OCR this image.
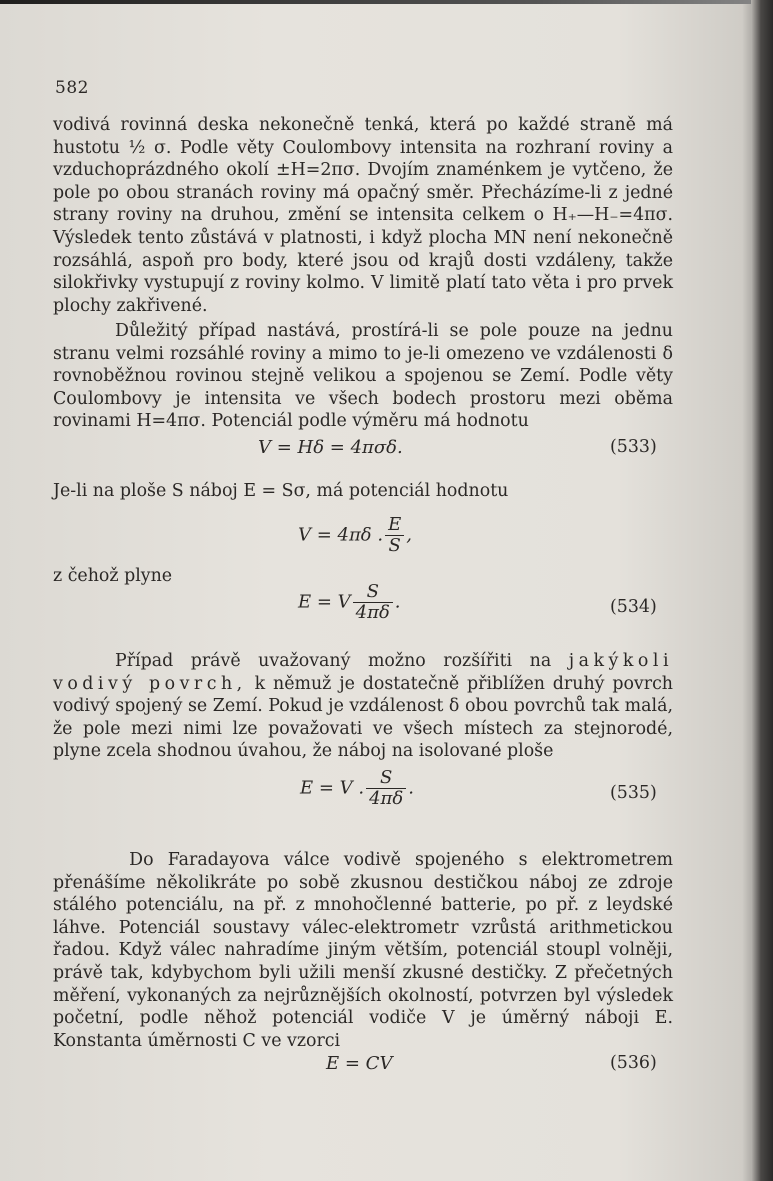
582
vodivá rovinná deska nekonečně tenká, která po každé straně má hustotu ½ σ. Podle věty Coulombovy intensita na rozhraní roviny a vzduchoprázdného okolí ±H=2πσ. Dvojím znaménkem je vytčeno, že pole po obou stranách roviny má opačný směr. Přecházíme-li z jedné strany roviny na druhou, změní se intensita celkem o H₊—H₋=4πσ. Výsledek tento zůstává v platnosti, i když plocha MN není nekonečně rozsáhlá, aspoň pro body, které jsou od krajů dosti vzdáleny, takže silokřivky vystupují z roviny kolmo. V limitě platí tato věta i pro prvek plochy zakřivené.
Důležitý případ nastává, prostírá-li se pole pouze na jednu stranu velmi rozsáhlé roviny a mimo to je-li omezeno ve vzdálenosti δ rovnoběžnou rovinou stejně velikou a spojenou se Zemí. Podle věty Coulombovy je intensita ve všech bodech prostoru mezi oběma rovinami H=4πσ. Potenciál podle výměru má hodnotu
V = Hδ = 4πσδ.	(533)
Je-li na ploše S náboj E = Sσ, má potenciál hodnotu
V = 4πδ . $\frac{E}{S}$ ,
z čehož plyne
E = V $\frac{S}{4\pi\delta}$ .	(534)
Případ právě uvažovaný možno rozšířiti na jakýkoli vodivý povrch, k němuž je dostatečně přiblížen druhý povrch vodivý spojený se Zemí. Pokud je vzdálenost δ obou povrchů tak malá, že pole mezi nimi lze považovati ve všech místech za stejnorodé, plyne zcela shodnou úvahou, že náboj na isolované ploše
E = V . $\frac{S}{4\pi\delta}$ .	(535)
Do Faradayova válce vodivě spojeného s elektrometrem přenášíme několikráte po sobě zkusnou destičkou náboj ze zdroje stálého potenciálu, na př. z mnohočlenné batterie, po př. z leydské láhve. Potenciál soustavy válec-elektrometr vzrůstá arithmetickou řadou. Když válec nahradíme jiným větším, potenciál stoupl volněji, právě tak, kdybychom byli užili menší zkusné destičky. Z přečetných měření, vykonaných za nejrůznějších okolností, potvrzen byl výsledek početní, podle něhož potenciál vodiče V je úměrný náboji E. Konstanta úměrnosti C ve vzorci
E = CV	(536)
